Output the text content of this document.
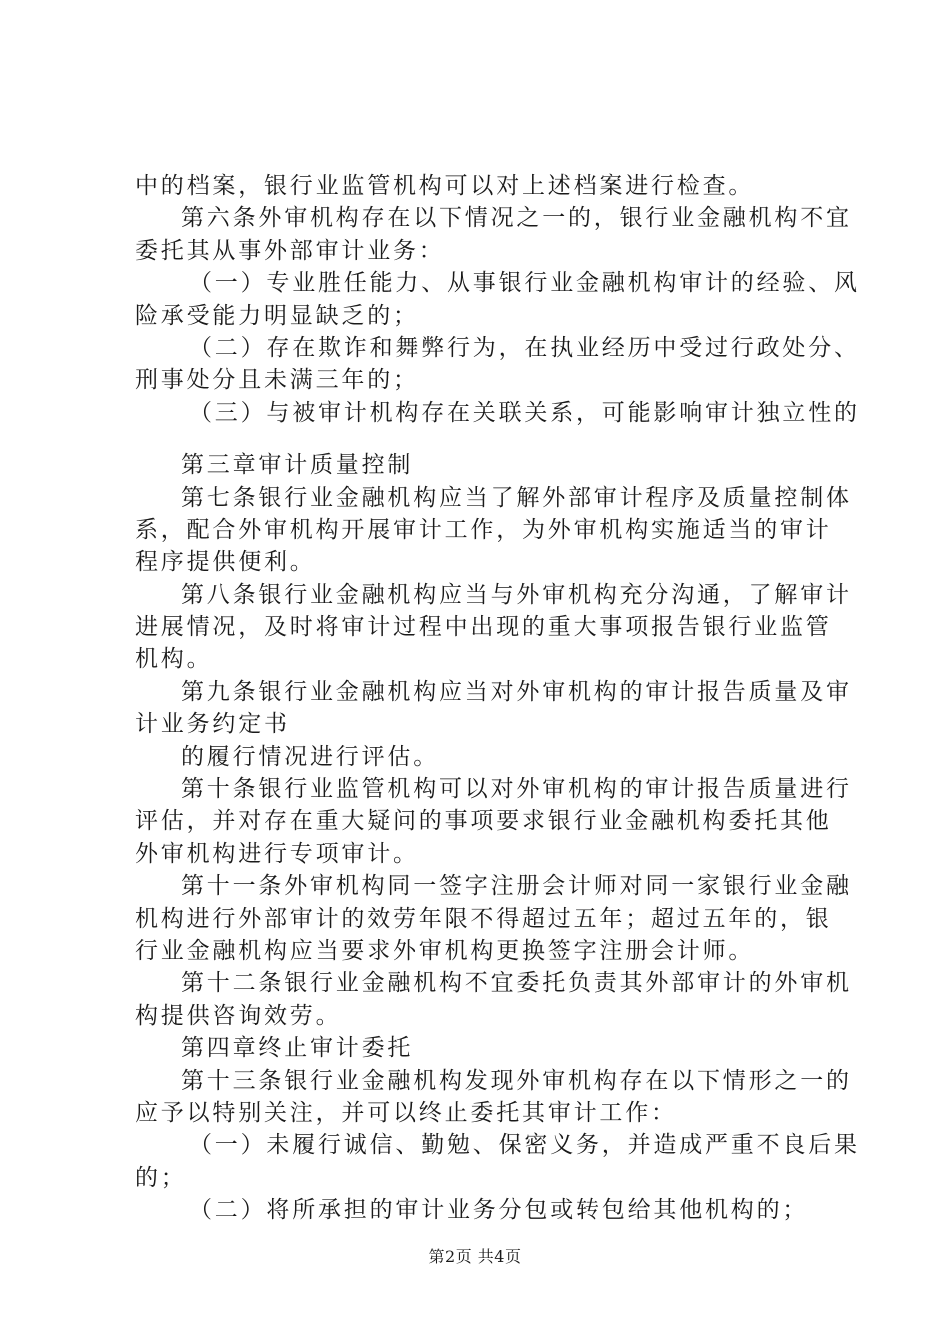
中的档案，银行业监管机构可以对上述档案进行检查。
第六条外审机构存在以下情况之一的，银行业金融机构不宜
委托其从事外部审计业务：
（一）专业胜任能力、从事银行业金融机构审计的经验、风
险承受能力明显缺乏的；
（二）存在欺诈和舞弊行为，在执业经历中受过行政处分、
刑事处分且未满三年的；
（三）与被审计机构存在关联关系，可能影响审计独立性的
第三章审计质量控制
第七条银行业金融机构应当了解外部审计程序及质量控制体
系，配合外审机构开展审计工作，为外审机构实施适当的审计
程序提供便利。
第八条银行业金融机构应当与外审机构充分沟通，了解审计
进展情况，及时将审计过程中出现的重大事项报告银行业监管
机构。
第九条银行业金融机构应当对外审机构的审计报告质量及审
计业务约定书
的履行情况进行评估。
第十条银行业监管机构可以对外审机构的审计报告质量进行
评估，并对存在重大疑问的事项要求银行业金融机构委托其他
外审机构进行专项审计。
第十一条外审机构同一签字注册会计师对同一家银行业金融
机构进行外部审计的效劳年限不得超过五年；超过五年的，银
行业金融机构应当要求外审机构更换签字注册会计师。
第十二条银行业金融机构不宜委托负责其外部审计的外审机
构提供咨询效劳。
第四章终止审计委托
第十三条银行业金融机构发现外审机构存在以下情形之一的
应予以特别关注，并可以终止委托其审计工作：
（一）未履行诚信、勤勉、保密义务，并造成严重不良后果
的；
（二）将所承担的审计业务分包或转包给其他机构的；
第2页 共4页
